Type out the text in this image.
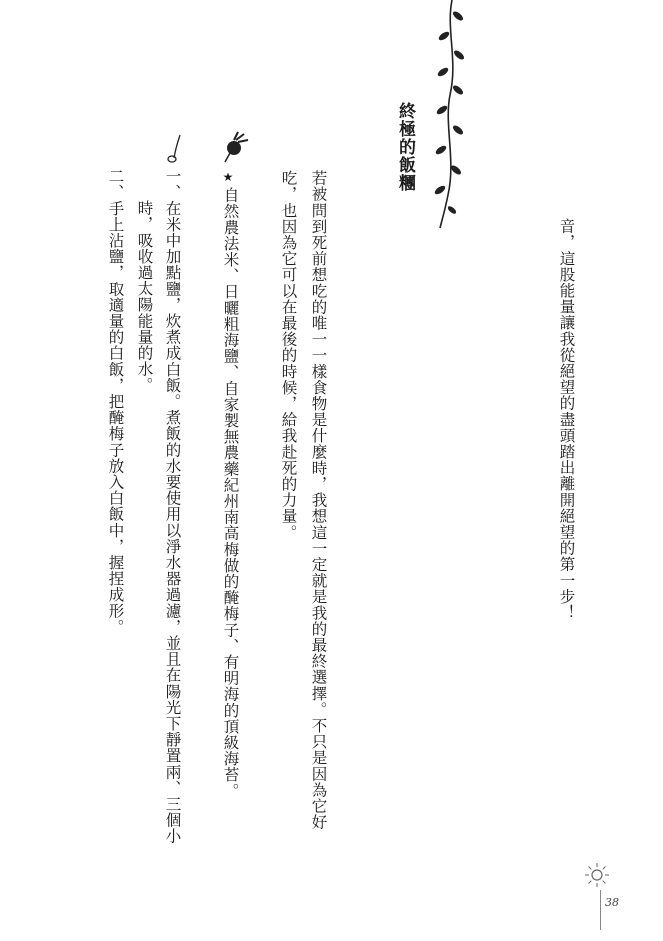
音，這股能量讓我從絕望的盡頭踏出離開絕望的第一步！
終極的飯糰
若被問到死前想吃的唯一一樣食物是什麼時，我想這一定就是我的最終選擇。不只是因為它好
吃，也因為它可以在最後的時候，給我赴死的力量。
★
自然農法米、日曬粗海鹽、自家製無農藥紀州南高梅做的醃梅子、有明海的頂級海苔。
一、在米中加點鹽，炊煮成白飯。煮飯的水要使用以淨水器過濾，並且在陽光下靜置兩、三個小
時，吸收過太陽能量的水。
二、手上沾鹽，取適量的白飯，把醃梅子放入白飯中，握捏成形。
38
